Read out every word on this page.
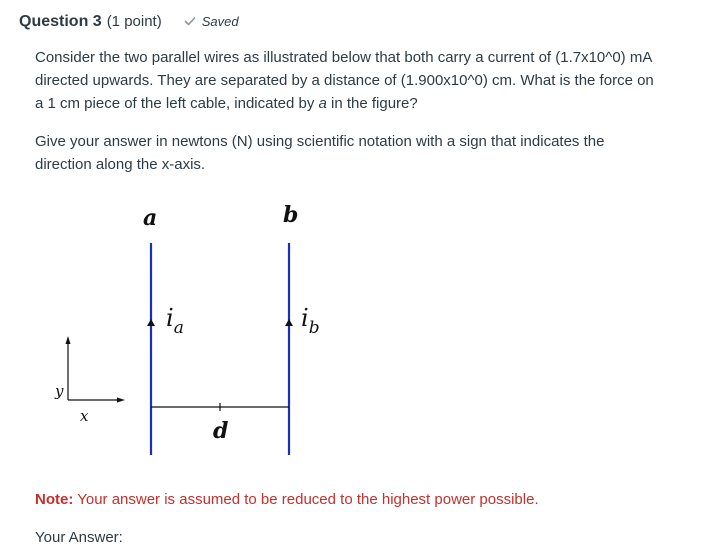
Question 3 (1 point)	Saved

Consider the two parallel wires as illustrated below that both carry a current of (1.7x10^0) mA directed upwards. They are separated by a distance of (1.900x10^0) cm. What is the force on a 1 cm piece of the left cable, indicated by a in the figure?

Give your answer in newtons (N) using scientific notation with a sign that indicates the direction along the x-axis.

a	b
$i_a$	$i_b$
d
y
x
Note: Your answer is assumed to be reduced to the highest power possible.
Your Answer:
